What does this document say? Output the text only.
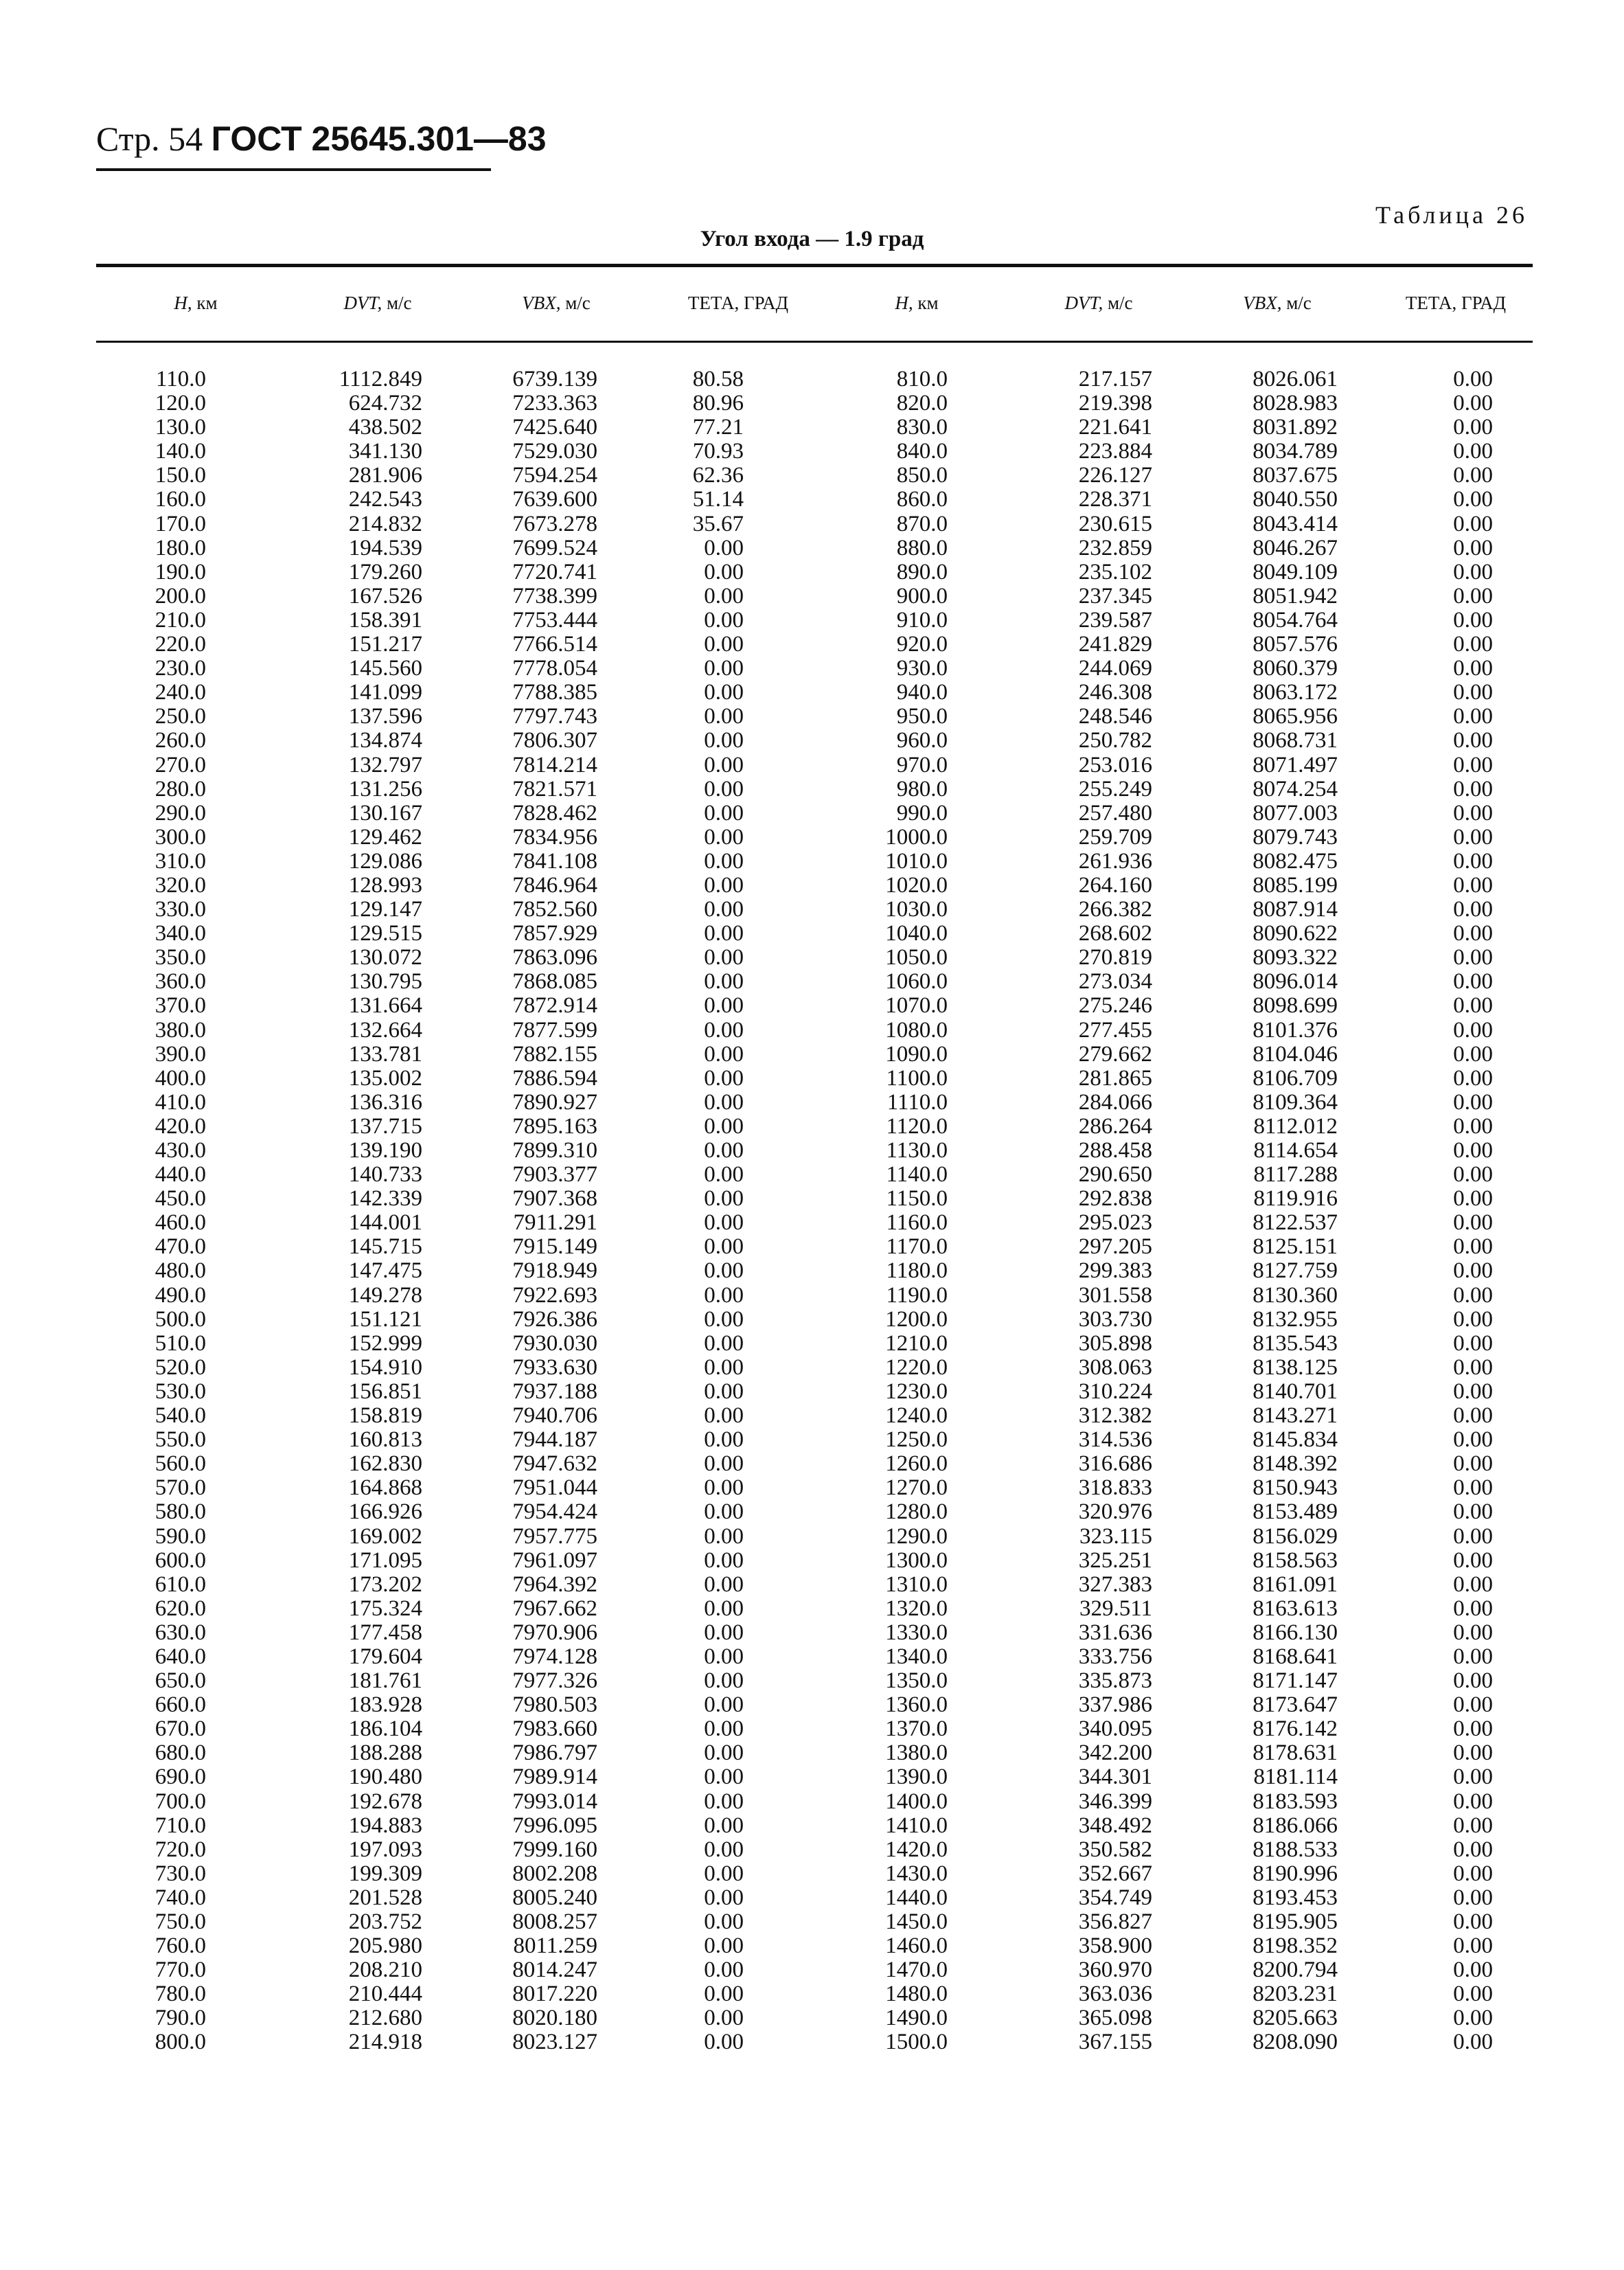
Стр. 54 ГОСТ 25645.301—83
Таблица 26
Угол входа — 1.9 град
Н, км	DVT, м/с	VBX, м/с	ТЕТА, ГРАД	Н, км	DVT, м/с	VBX, м/с	ТЕТА, ГРАД
110.0	1112.849	6739.139	80.58	810.0	217.157	8026.061	0.00
120.0	624.732	7233.363	80.96	820.0	219.398	8028.983	0.00
130.0	438.502	7425.640	77.21	830.0	221.641	8031.892	0.00
140.0	341.130	7529.030	70.93	840.0	223.884	8034.789	0.00
150.0	281.906	7594.254	62.36	850.0	226.127	8037.675	0.00
160.0	242.543	7639.600	51.14	860.0	228.371	8040.550	0.00
170.0	214.832	7673.278	35.67	870.0	230.615	8043.414	0.00
180.0	194.539	7699.524	0.00	880.0	232.859	8046.267	0.00
190.0	179.260	7720.741	0.00	890.0	235.102	8049.109	0.00
200.0	167.526	7738.399	0.00	900.0	237.345	8051.942	0.00
210.0	158.391	7753.444	0.00	910.0	239.587	8054.764	0.00
220.0	151.217	7766.514	0.00	920.0	241.829	8057.576	0.00
230.0	145.560	7778.054	0.00	930.0	244.069	8060.379	0.00
240.0	141.099	7788.385	0.00	940.0	246.308	8063.172	0.00
250.0	137.596	7797.743	0.00	950.0	248.546	8065.956	0.00
260.0	134.874	7806.307	0.00	960.0	250.782	8068.731	0.00
270.0	132.797	7814.214	0.00	970.0	253.016	8071.497	0.00
280.0	131.256	7821.571	0.00	980.0	255.249	8074.254	0.00
290.0	130.167	7828.462	0.00	990.0	257.480	8077.003	0.00
300.0	129.462	7834.956	0.00	1000.0	259.709	8079.743	0.00
310.0	129.086	7841.108	0.00	1010.0	261.936	8082.475	0.00
320.0	128.993	7846.964	0.00	1020.0	264.160	8085.199	0.00
330.0	129.147	7852.560	0.00	1030.0	266.382	8087.914	0.00
340.0	129.515	7857.929	0.00	1040.0	268.602	8090.622	0.00
350.0	130.072	7863.096	0.00	1050.0	270.819	8093.322	0.00
360.0	130.795	7868.085	0.00	1060.0	273.034	8096.014	0.00
370.0	131.664	7872.914	0.00	1070.0	275.246	8098.699	0.00
380.0	132.664	7877.599	0.00	1080.0	277.455	8101.376	0.00
390.0	133.781	7882.155	0.00	1090.0	279.662	8104.046	0.00
400.0	135.002	7886.594	0.00	1100.0	281.865	8106.709	0.00
410.0	136.316	7890.927	0.00	1110.0	284.066	8109.364	0.00
420.0	137.715	7895.163	0.00	1120.0	286.264	8112.012	0.00
430.0	139.190	7899.310	0.00	1130.0	288.458	8114.654	0.00
440.0	140.733	7903.377	0.00	1140.0	290.650	8117.288	0.00
450.0	142.339	7907.368	0.00	1150.0	292.838	8119.916	0.00
460.0	144.001	7911.291	0.00	1160.0	295.023	8122.537	0.00
470.0	145.715	7915.149	0.00	1170.0	297.205	8125.151	0.00
480.0	147.475	7918.949	0.00	1180.0	299.383	8127.759	0.00
490.0	149.278	7922.693	0.00	1190.0	301.558	8130.360	0.00
500.0	151.121	7926.386	0.00	1200.0	303.730	8132.955	0.00
510.0	152.999	7930.030	0.00	1210.0	305.898	8135.543	0.00
520.0	154.910	7933.630	0.00	1220.0	308.063	8138.125	0.00
530.0	156.851	7937.188	0.00	1230.0	310.224	8140.701	0.00
540.0	158.819	7940.706	0.00	1240.0	312.382	8143.271	0.00
550.0	160.813	7944.187	0.00	1250.0	314.536	8145.834	0.00
560.0	162.830	7947.632	0.00	1260.0	316.686	8148.392	0.00
570.0	164.868	7951.044	0.00	1270.0	318.833	8150.943	0.00
580.0	166.926	7954.424	0.00	1280.0	320.976	8153.489	0.00
590.0	169.002	7957.775	0.00	1290.0	323.115	8156.029	0.00
600.0	171.095	7961.097	0.00	1300.0	325.251	8158.563	0.00
610.0	173.202	7964.392	0.00	1310.0	327.383	8161.091	0.00
620.0	175.324	7967.662	0.00	1320.0	329.511	8163.613	0.00
630.0	177.458	7970.906	0.00	1330.0	331.636	8166.130	0.00
640.0	179.604	7974.128	0.00	1340.0	333.756	8168.641	0.00
650.0	181.761	7977.326	0.00	1350.0	335.873	8171.147	0.00
660.0	183.928	7980.503	0.00	1360.0	337.986	8173.647	0.00
670.0	186.104	7983.660	0.00	1370.0	340.095	8176.142	0.00
680.0	188.288	7986.797	0.00	1380.0	342.200	8178.631	0.00
690.0	190.480	7989.914	0.00	1390.0	344.301	8181.114	0.00
700.0	192.678	7993.014	0.00	1400.0	346.399	8183.593	0.00
710.0	194.883	7996.095	0.00	1410.0	348.492	8186.066	0.00
720.0	197.093	7999.160	0.00	1420.0	350.582	8188.533	0.00
730.0	199.309	8002.208	0.00	1430.0	352.667	8190.996	0.00
740.0	201.528	8005.240	0.00	1440.0	354.749	8193.453	0.00
750.0	203.752	8008.257	0.00	1450.0	356.827	8195.905	0.00
760.0	205.980	8011.259	0.00	1460.0	358.900	8198.352	0.00
770.0	208.210	8014.247	0.00	1470.0	360.970	8200.794	0.00
780.0	210.444	8017.220	0.00	1480.0	363.036	8203.231	0.00
790.0	212.680	8020.180	0.00	1490.0	365.098	8205.663	0.00
800.0	214.918	8023.127	0.00	1500.0	367.155	8208.090	0.00
